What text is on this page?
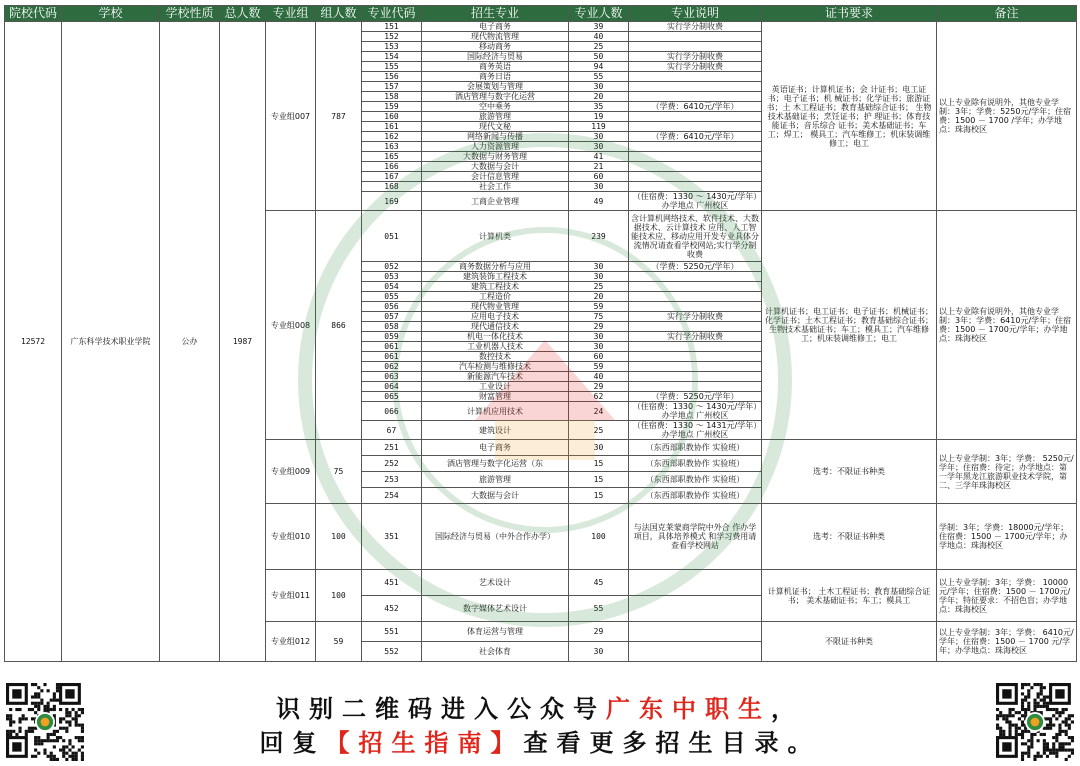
院校代码	学校	学校性质	总人数	专业组	组人数	专业代码	招生专业	专业人数	专业说明	证书要求	备注
12572	广东科学技术职业学院	公办	1987	专业组007	787	151	电子商务	39	实行学分制收费	英语证书；计算机证书；会 计证书；电工证书；电子证书；机 械证书；化学证书；旅游证书；土 木工程证书；教育基础综合证书； 生物技术基础证书；烹饪证书；护 理证书；体育技能证书；音乐综合 证书；美术基础证书；车工；焊工； 模具工；汽车维修工；机床装调维修工；电工	以上专业除有说明外，其他专业学制：3年；学费：5250元/学年；住宿费：1500 － 1700 /学年；办学地点：珠海校区
						152	现代物流管理	40			
						153	移动商务	25			
						154	国际经济与贸易	50	实行学分制收费		
						155	商务英语	94	实行学分制收费		
						156	商务日语	55			
						157	会展策划与管理	30			
						158	酒店管理与数字化运营	20			
						159	空中乘务	35	（学费：6410元/学年）		
						160	旅游管理	19			
						161	现代文秘	119			
						162	网络新闻与传播	30	（学费：6410元/学年）		
						163	人力资源管理	30			
						165	大数据与财务管理	41			
						166	大数据与会计	21			
						167	会计信息管理	60			
						168	社会工作	30			
						169	工商企业管理	49	（住宿费：1330 ～ 1430元/学年）办学地点 广州校区		
				专业组008	866	051	计算机类	239	含计算机网络技术、软件技术、大数据技术、云计算技术 应用、人工智能技术应、移动应用开发专业具体分流情况请查看学校网站;实行学分制收费	计算机证书；电工证书；电子证书；机械证书；化学证书；土木工程证书；教育基础综合证书；生物技术基础证书；车工；模具工；汽车维修工；机床装调维修工；电工	以上专业除有说明外，其他专业学制：3年；学费：6410元/学年；住宿费：1500 － 1700元/学年；办学地点：珠海校区
						052	商务数据分析与应用	30	（学费：5250元/学年）		
						053	建筑装饰工程技术	30			
						054	建筑工程技术	25			
						055	工程造价	20			
						056	现代物业管理	59			
						057	应用电子技术	75	实行学分制收费		
						058	现代通信技术	29			
						059	机电一体化技术	30	实行学分制收费		
						061	工业机器人技术	30			
						061	数控技术	60			
						062	汽车检测与维修技术	59			
						063	新能源汽车技术	40			
						064	工业设计	29			
						065	财富管理	62	（学费：5250元/学年）		
						066	计算机应用技术	24	（住宿费：1330 ～ 1430元/学年）办学地点 广州校区		
						67	建筑设计	25	（住宿费：1330 ～ 1431元/学年）办学地点 广州校区		
				专业组009	75	251	电子商务	30	（东西部职教协作 实验班）	选考：不限证书种类	以上专业学制：3年；学费： 5250元/学年；住宿费：待定；办学地点：第一学年黑龙江旅游职业技术学院，第二、三学年珠海校区
						252	酒店管理与数字化运营（东	15	（东西部职教协作 实验班）		
						253	旅游管理	15	（东西部职教协作 实验班）		
						254	大数据与会计	15	（东西部职教协作 实验班）		
				专业组010	100	351	国际经济与贸易（中外合作办学）	100	与法国克莱蒙商学院中外合 作办学项目，具体培养模式 和学习费用请查看学校网站	选考：不限证书种类	学制：3年；学费：18000元/学年；住宿费：1500 － 1700元/学年；办学地点：珠海校区
				专业组011	100	451	艺术设计	45		计算机证书； 土木工程证书；教育基础综合证书； 美术基础证书；车工；模具工	以上专业学制：3年；学费： 10000元/学年；住宿费：1500 － 1700元/学年；特征要求：不招色盲；办学地点：珠海校区
						452	数字媒体艺术设计	55			
				专业组012	59	551	体育运营与管理	29		不限证书种类	以上专业学制：3年；学费： 6410元/学年；住宿费：1500 － 1700 元/学年；办学地点：珠海校区
						552	社会体育	30			
识别二维码进入公众号广东中职生，
回复【招生指南】查看更多招生目录。
